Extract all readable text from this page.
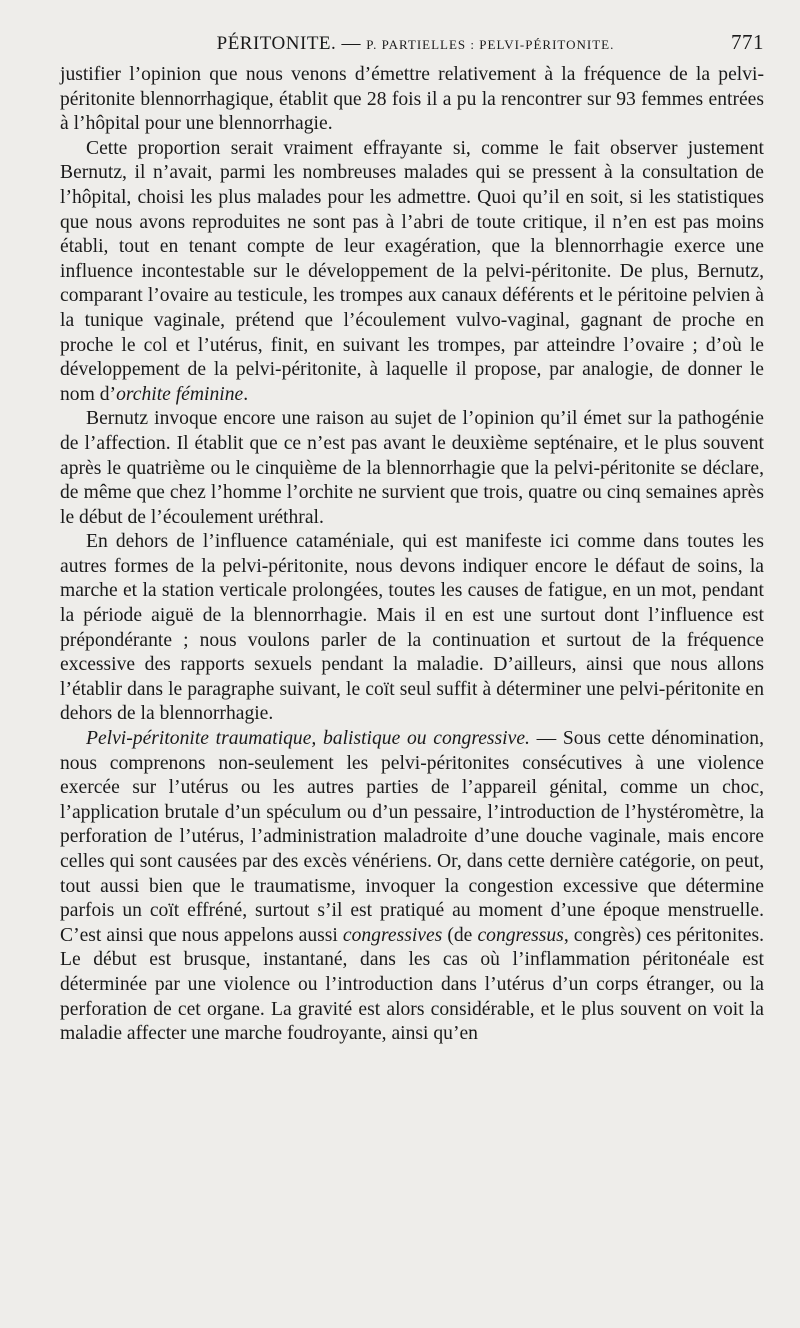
PÉRITONITE. — P. PARTIELLES : PELVI-PÉRITONITE.	771

justifier l’opinion que nous venons d’émettre relativement à la fréquence de la pelvi-péritonite blennorrhagique, établit que 28 fois il a pu la rencontrer sur 93 femmes entrées à l’hôpital pour une blennorrhagie.

Cette proportion serait vraiment effrayante si, comme le fait observer justement Bernutz, il n’avait, parmi les nombreuses malades qui se pressent à la consultation de l’hôpital, choisi les plus malades pour les admettre. Quoi qu’il en soit, si les statistiques que nous avons reproduites ne sont pas à l’abri de toute critique, il n’en est pas moins établi, tout en tenant compte de leur exagération, que la blennorrhagie exerce une influence incontestable sur le développement de la pelvi-péritonite. De plus, Bernutz, comparant l’ovaire au testicule, les trompes aux canaux déférents et le péritoine pelvien à la tunique vaginale, prétend que l’écoulement vulvo-vaginal, gagnant de proche en proche le col et l’utérus, finit, en suivant les trompes, par atteindre l’ovaire ; d’où le développement de la pelvi-péritonite, à laquelle il propose, par analogie, de donner le nom d’orchite féminine.

Bernutz invoque encore une raison au sujet de l’opinion qu’il émet sur la pathogénie de l’affection. Il établit que ce n’est pas avant le deuxième septénaire, et le plus souvent après le quatrième ou le cinquième de la blennorrhagie que la pelvi-péritonite se déclare, de même que chez l’homme l’orchite ne survient que trois, quatre ou cinq semaines après le début de l’écoulement uréthral.

En dehors de l’influence cataméniale, qui est manifeste ici comme dans toutes les autres formes de la pelvi-péritonite, nous devons indiquer encore le défaut de soins, la marche et la station verticale prolongées, toutes les causes de fatigue, en un mot, pendant la période aiguë de la blennorrhagie. Mais il en est une surtout dont l’influence est prépondérante ; nous voulons parler de la continuation et surtout de la fréquence excessive des rapports sexuels pendant la maladie. D’ailleurs, ainsi que nous allons l’établir dans le paragraphe suivant, le coït seul suffit à déterminer une pelvi-péritonite en dehors de la blennorrhagie.

Pelvi-péritonite traumatique, balistique ou congressive. — Sous cette dénomination, nous comprenons non-seulement les pelvi-péritonites consécutives à une violence exercée sur l’utérus ou les autres parties de l’appareil génital, comme un choc, l’application brutale d’un spéculum ou d’un pessaire, l’introduction de l’hystéromètre, la perforation de l’utérus, l’administration maladroite d’une douche vaginale, mais encore celles qui sont causées par des excès vénériens. Or, dans cette dernière catégorie, on peut, tout aussi bien que le traumatisme, invoquer la congestion excessive que détermine parfois un coït effréné, surtout s’il est pratiqué au moment d’une époque menstruelle. C’est ainsi que nous appelons aussi congressives (de congressus, congrès) ces péritonites. Le début est brusque, instantané, dans les cas où l’inflammation péritonéale est déterminée par une violence ou l’introduction dans l’utérus d’un corps étranger, ou la perforation de cet organe. La gravité est alors considérable, et le plus souvent on voit la maladie affecter une marche foudroyante, ainsi qu’en
